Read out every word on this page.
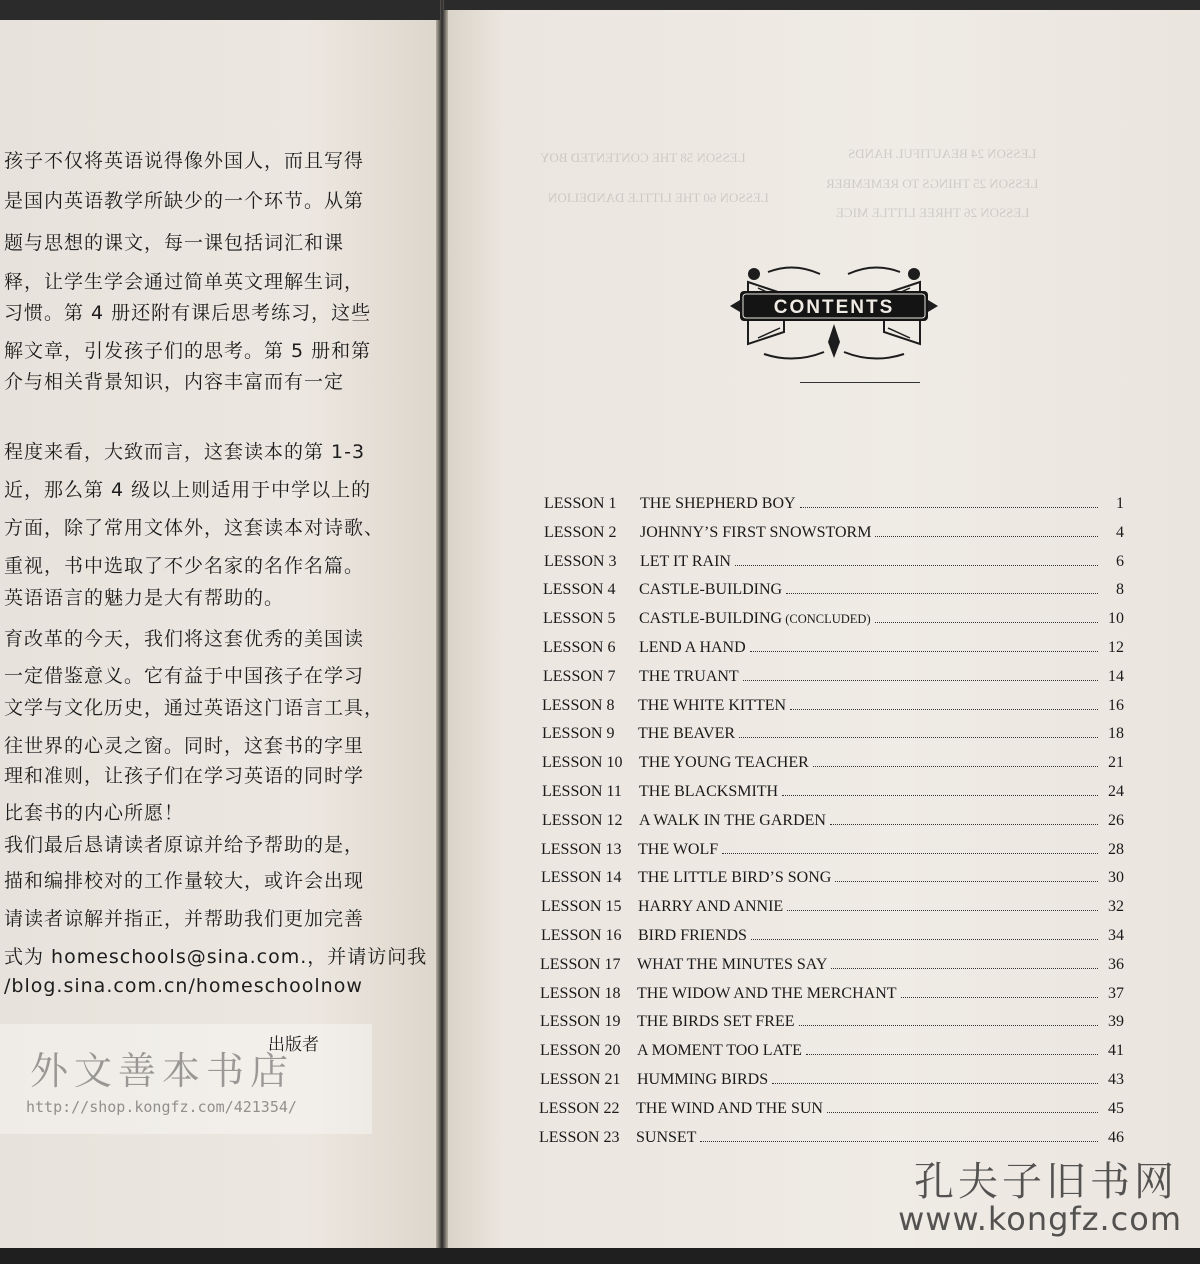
孩子不仅将英语说得像外国人，而且写得
是国内英语教学所缺少的一个环节。从第
题与思想的课文，每一课包括词汇和课
释，让学生学会通过简单英文理解生词，
习惯。第 4 册还附有课后思考练习，这些
解文章，引发孩子们的思考。第 5 册和第
介与相关背景知识，内容丰富而有一定
程度来看，大致而言，这套读本的第 1-3
近，那么第 4 级以上则适用于中学以上的
方面，除了常用文体外，这套读本对诗歌、
重视，书中选取了不少名家的名作名篇。
英语语言的魅力是大有帮助的。
育改革的今天，我们将这套优秀的美国读
一定借鉴意义。它有益于中国孩子在学习
文学与文化历史，通过英语这门语言工具，
往世界的心灵之窗。同时，这套书的字里
理和准则，让孩子们在学习英语的同时学
比套书的内心所愿！
我们最后恳请读者原谅并给予帮助的是，
描和编排校对的工作量较大，或许会出现
请读者谅解并指正，并帮助我们更加完善
式为 homeschools@sina.com.，并请访问我
/blog.sina.com.cn/homeschoolnow
出版者
外文善本书店
http://shop.kongfz.com/421354/
LESSON 24 BEAUTIFUL HANDS
LESSON 25 THINGS TO REMEMBER
LESSON 26 THREE LITTLE MICE
LESSON 58 THE CONTENTED BOY
LESSON 60 THE LITTLE DANDELION
CONTENTS
LESSON 1	THE SHEPHERD BOY	1
LESSON 2	JOHNNY’S FIRST SNOWSTORM	4
LESSON 3	LET IT RAIN	6
LESSON 4	CASTLE-BUILDING	8
LESSON 5	CASTLE-BUILDING (CONCLUDED)	10
LESSON 6	LEND A HAND	12
LESSON 7	THE TRUANT	14
LESSON 8	THE WHITE KITTEN	16
LESSON 9	THE BEAVER	18
LESSON 10	THE YOUNG TEACHER	21
LESSON 11	THE BLACKSMITH	24
LESSON 12	A WALK IN THE GARDEN	26
LESSON 13	THE WOLF	28
LESSON 14	THE LITTLE BIRD’S SONG	30
LESSON 15	HARRY AND ANNIE	32
LESSON 16	BIRD FRIENDS	34
LESSON 17	WHAT THE MINUTES SAY	36
LESSON 18	THE WIDOW AND THE MERCHANT	37
LESSON 19	THE BIRDS SET FREE	39
LESSON 20	A MOMENT TOO LATE	41
LESSON 21	HUMMING BIRDS	43
LESSON 22	THE WIND AND THE SUN	45
LESSON 23	SUNSET	46
孔夫子旧书网
www.kongfz.com
